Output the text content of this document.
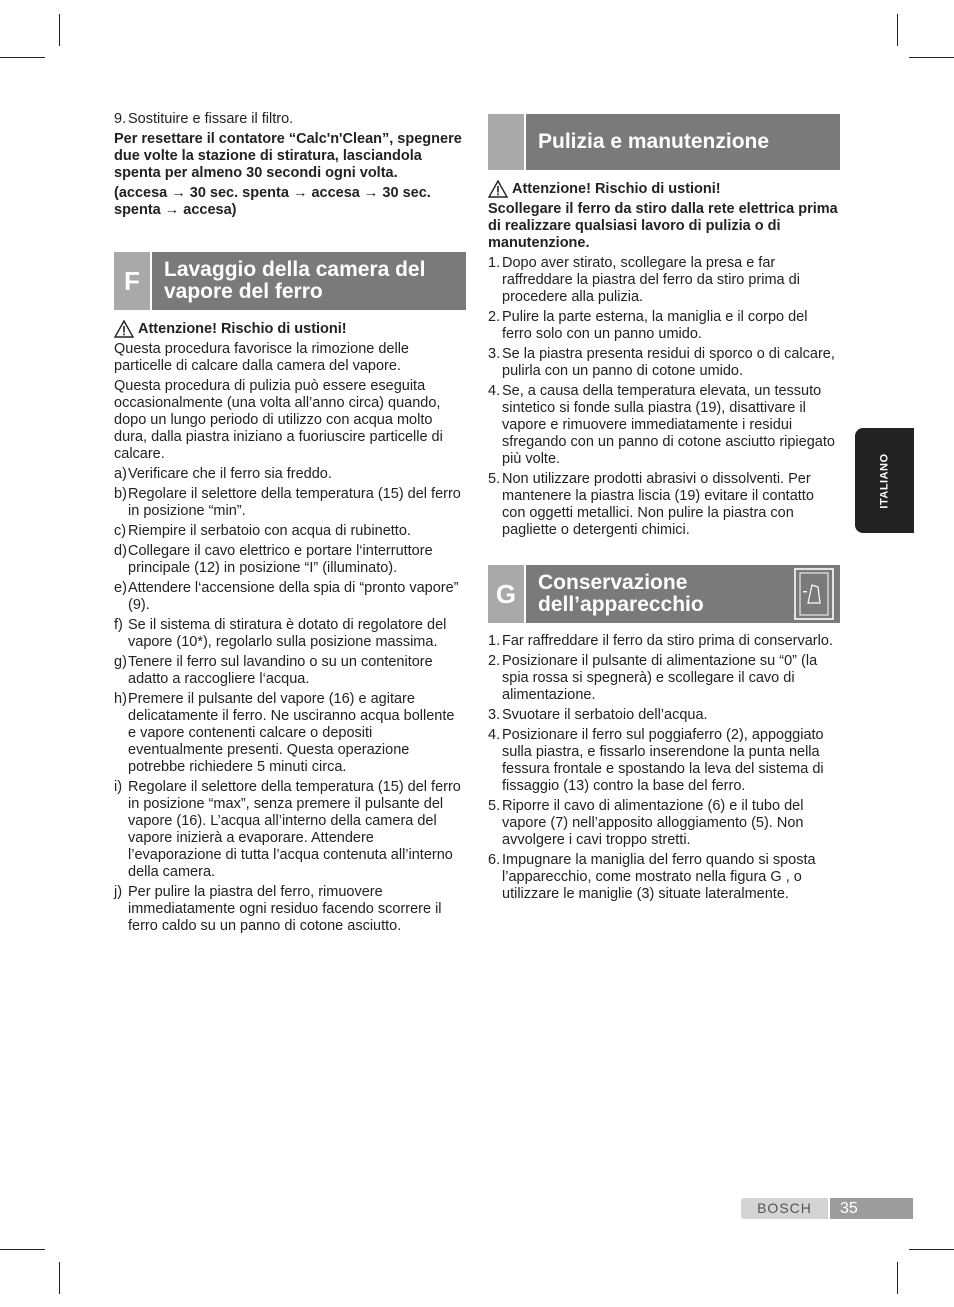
9. Sostituire e fissare il filtro.

Per resettare il contatore “Calc'n'Clean”, spegnere due volte la stazione di stiratura, lasciandola spenta per almeno 30 secondi ogni volta.

(accesa → 30 sec. spenta → accesa → 30 sec. spenta → accesa)

F	Lavaggio della camera del vapore del ferro
Attenzione! Rischio di ustioni!

Questa procedura favorisce la rimozione delle particelle di calcare dalla camera del vapore.

Questa procedura di pulizia può essere eseguita occasionalmente (una volta all’anno circa) quando, dopo un lungo periodo di utilizzo con acqua molto dura, dalla piastra iniziano a fuoriuscire particelle di calcare.

a) Verificare che il ferro sia freddo.
b) Regolare il selettore della temperatura (15) del ferro in posizione “min”.
c) Riempire il serbatoio con acqua di rubinetto.
d) Collegare il cavo elettrico e portare l‘interruttore principale (12) in posizione “I” (illuminato).
e) Attendere l‘accensione della spia di “pronto vapore” (9).
f) Se il sistema di stiratura è dotato di regolatore del vapore (10*), regolarlo sulla posizione massima.
g) Tenere il ferro sul lavandino o su un contenitore adatto a raccogliere l‘acqua.
h) Premere il pulsante del vapore (16) e agitare delicatamente il ferro. Ne usciranno acqua bollente e vapore contenenti calcare o depositi eventualmente presenti. Questa operazione potrebbe richiedere 5 minuti circa.
i) Regolare il selettore della temperatura (15) del ferro in posizione “max”, senza premere il pulsante del vapore (16). L’acqua all’interno della camera del vapore inizierà a evaporare. Attendere l’evaporazione di tutta l’acqua contenuta all’interno della camera.
j) Per pulire la piastra del ferro, rimuovere immediatamente ogni residuo facendo scorrere il ferro caldo su un panno di cotone asciutto.
Pulizia e manutenzione
Attenzione! Rischio di ustioni!

Scollegare il ferro da stiro dalla rete elettrica prima di realizzare qualsiasi lavoro di pulizia o di manutenzione.

1. Dopo aver stirato, scollegare la presa e far raffreddare la piastra del ferro da stiro prima di procedere alla pulizia.
2. Pulire la parte esterna, la maniglia e il corpo del ferro solo con un panno umido.
3. Se la piastra presenta residui di sporco o di calcare, pulirla con un panno di cotone umido.
4. Se, a causa della temperatura elevata, un tessuto sintetico si fonde sulla piastra (19), disattivare il vapore e rimuovere immediatamente i residui sfregando con un panno di cotone asciutto ripiegato più volte.
5. Non utilizzare prodotti abrasivi o dissolventi. Per mantenere la piastra liscia (19) evitare il contatto con oggetti metallici. Non pulire la piastra con pagliette o detergenti chimici.
G	Conservazione dell’apparecchio
1. Far raffreddare il ferro da stiro prima di conservarlo.
2. Posizionare il pulsante di alimentazione su “0” (la spia rossa si spegnerà) e scollegare il cavo di alimentazione.
3. Svuotare il serbatoio dell’acqua.
4. Posizionare il ferro sul poggiaferro (2), appoggiato sulla piastra, e fissarlo inserendone la punta nella fessura frontale e spostando la leva del sistema di fissaggio (13) contro la base del ferro.
5. Riporre il cavo di alimentazione (6) e il tubo del vapore (7) nell’apposito alloggiamento (5). Non avvolgere i cavi troppo stretti.
6. Impugnare la maniglia del ferro quando si sposta l’apparecchio, come mostrato nella figura G , o utilizzare le maniglie (3) situate lateralmente.
ITALIANO
BOSCH	35
